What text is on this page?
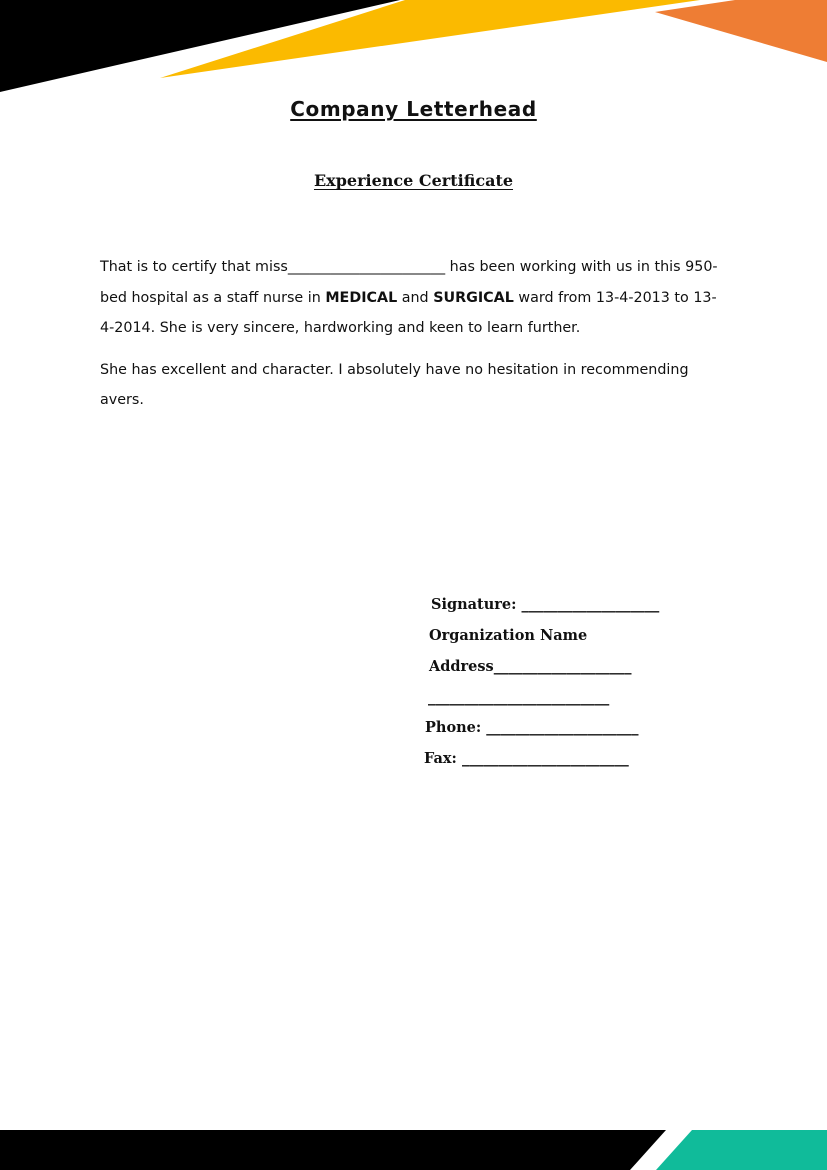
Company Letterhead
Experience Certificate

That is to certify that miss______________________ has been working with us in this 950-bed hospital as a staff nurse in MEDICAL and SURGICAL ward from 13-4-2013 to 13-4-2014. She is very sincere, hardworking and keen to learn further.

She has excellent and character. I absolutely have no hesitation in recommending avers.

Signature: ___________________
Organization Name
Address___________________
_________________________
Phone: _____________________
Fax: _______________________
